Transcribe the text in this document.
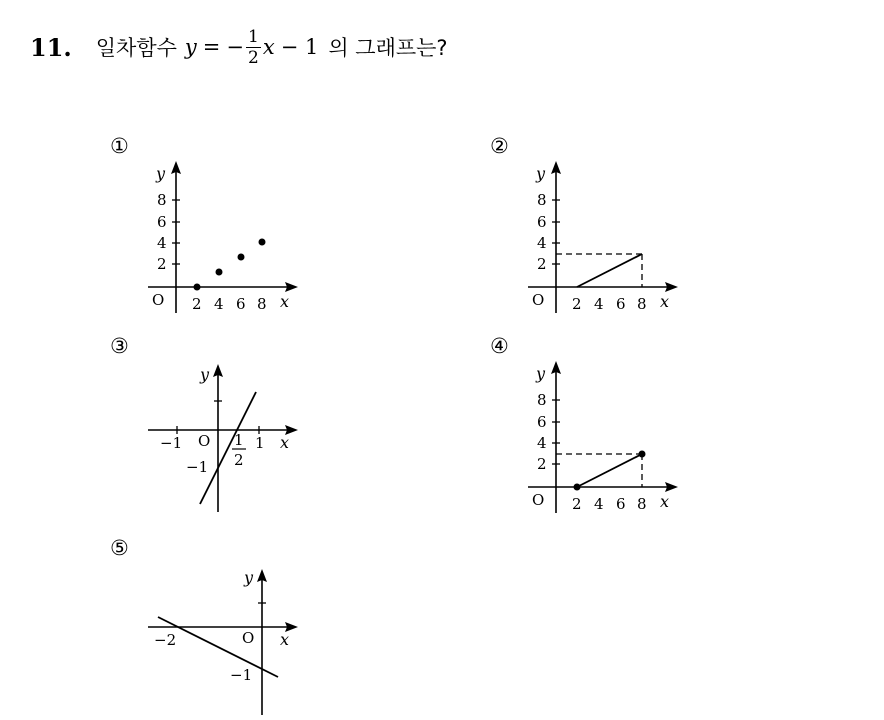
11. 일차함수 y = − $\frac{1}{2}$ x − 1 의 그래프는?
①	②
③	④
⑤
y
2
4
6
8
O 2 4 6 8 x
y
2
4
6
8
O 2 4 6 8 x
y
−1 O	1 x
−1
1
2
y
2
4
6
8
O 2 4 6 8 x
y
−2	O x
−1
